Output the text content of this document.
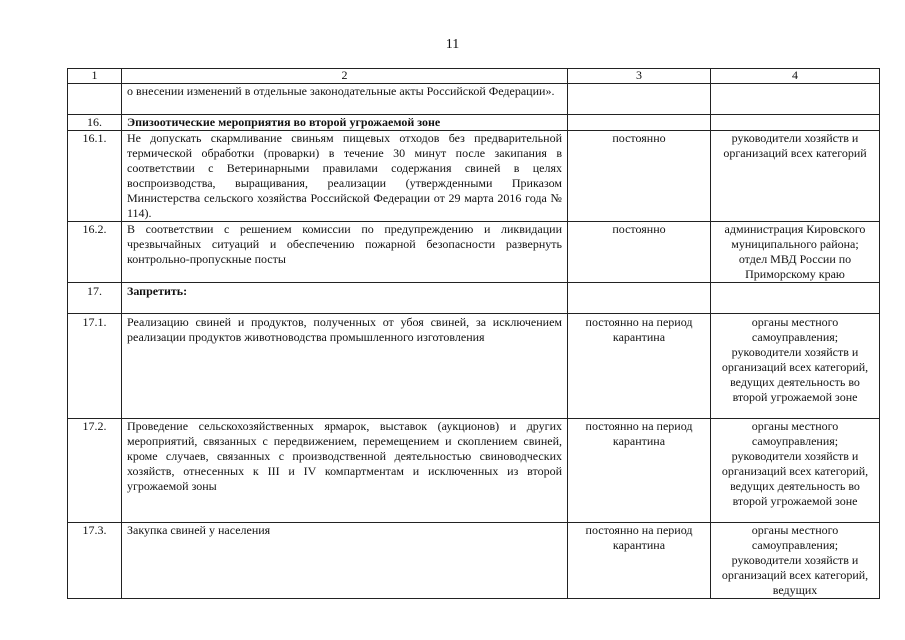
11
1	2	3	4
	о внесении изменений в отдельные законодательные акты Российской Федерации».		
16.	Эпизоотические мероприятия во второй угрожаемой зоне		
16.1.	Не допускать скармливание свиньям пищевых отходов без предварительной термической обработки (проварки) в течение 30 минут после закипания в соответствии с Ветеринарными правилами содержания свиней в целях воспроизводства, выращивания, реализации (утвержденными Приказом Министерства сельского хозяйства Российской Федерации от 29 марта 2016 года № 114).	постоянно	руководители хозяйств и организаций всех категорий
16.2.	В соответствии с решением комиссии по предупреждению и ликвидации чрезвычайных ситуаций и обеспечению пожарной безопасности развернуть контрольно-пропускные посты	постоянно	администрация Кировского муниципального района; отдел МВД России по Приморскому краю
17.	Запретить:		
17.1.	Реализацию свиней и продуктов, полученных от убоя свиней, за исключением реализации продуктов животноводства промышленного изготовления	постоянно на период карантина	органы местного самоуправления; руководители хозяйств и организаций всех категорий, ведущих деятельность во второй угрожаемой зоне
17.2.	Проведение сельскохозяйственных ярмарок, выставок (аукционов) и других мероприятий, связанных с передвижением, перемещением и скоплением свиней, кроме случаев, связанных с производственной деятельностью свиноводческих хозяйств, отнесенных к III и IV компартментам и исключенных из второй угрожаемой зоны	постоянно на период карантина	органы местного самоуправления; руководители хозяйств и организаций всех категорий, ведущих деятельность во второй угрожаемой зоне
17.3.	Закупка свиней у населения	постоянно на период карантина	органы местного самоуправления; руководители хозяйств и организаций всех категорий, ведущих
